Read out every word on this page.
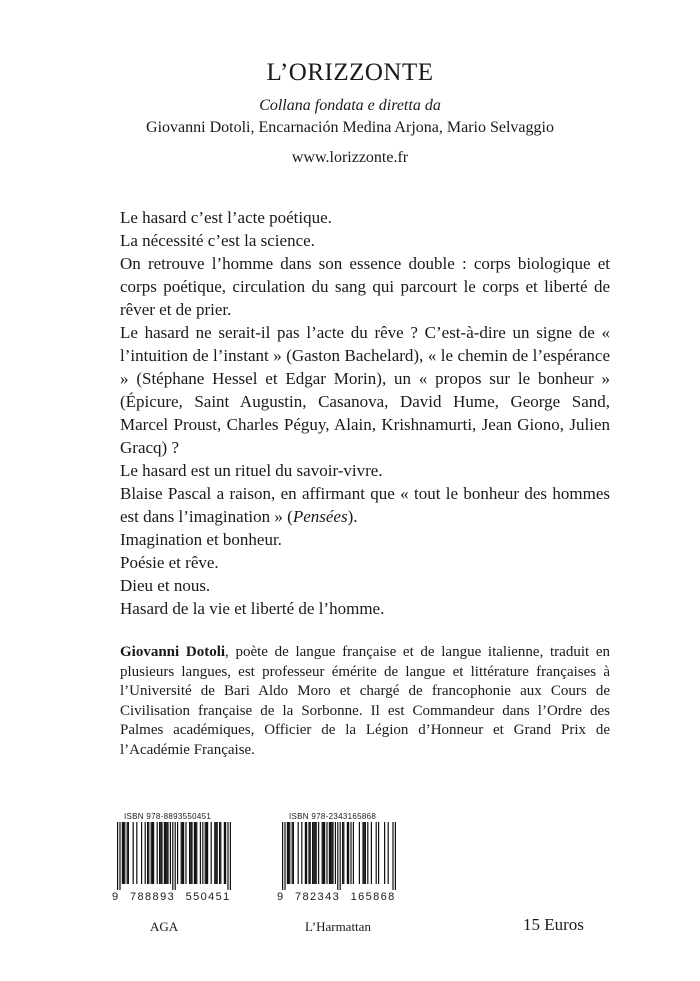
L’ORIZZONTE
Collana fondata e diretta da
Giovanni Dotoli, Encarnación Medina Arjona, Mario Selvaggio
www.lorizzonte.fr

Le hasard c’est l’acte poétique.

La nécessité c’est la science.

On retrouve l’homme dans son essence double : corps biologique et corps poétique, circulation du sang qui parcourt le corps et liberté de rêver et de prier.

Le hasard ne serait-il pas l’acte du rêve ? C’est-à-dire un signe de « l’intuition de l’instant » (Gaston Bachelard), « le chemin de l’espérance » (Stéphane Hessel et Edgar Morin), un « propos sur le bonheur » (Épicure, Saint Augustin, Casanova, David Hume, George Sand, Marcel Proust, Charles Péguy, Alain, Krishnamurti, Jean Giono, Julien Gracq) ?

Le hasard est un rituel du savoir-vivre.

Blaise Pascal a raison, en affirmant que « tout le bonheur des hommes est dans l’imagination » (Pensées).

Imagination et bonheur.

Poésie et rêve.

Dieu et nous.

Hasard de la vie et liberté de l’homme.

Giovanni Dotoli, poète de langue française et de langue italienne, traduit en plusieurs langues, est professeur émérite de langue et littérature françaises à l’Université de Bari Aldo Moro et chargé de francophonie aux Cours de Civilisation française de la Sorbonne. Il est Commandeur dans l’Ordre des Palmes académiques, Officier de la Légion d’Honneur et Grand Prix de l’Académie Française.

ISBN 978-8893550451
9 788893 550451
ISBN 978-2343165868
9 782343 165868
AGA	L’Harmattan	15 Euros
